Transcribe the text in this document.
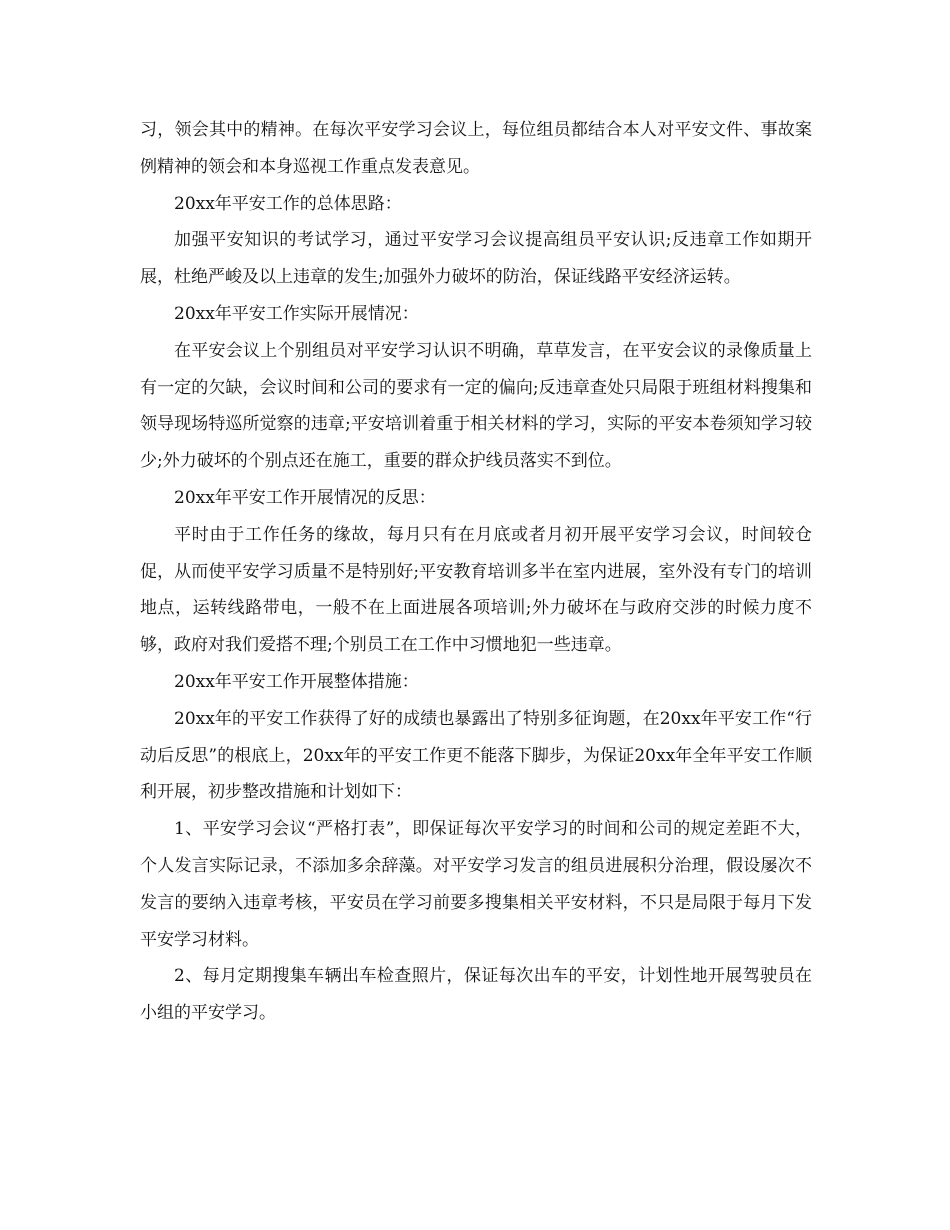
习，领会其中的精神。在每次平安学习会议上，每位组员都结合本人对平安文件、事故案例精神的领会和本身巡视工作重点发表意见。

20xx年平安工作的总体思路：

加强平安知识的考试学习，通过平安学习会议提高组员平安认识;反违章工作如期开展，杜绝严峻及以上违章的发生;加强外力破坏的防治，保证线路平安经济运转。

20xx年平安工作实际开展情况：

在平安会议上个别组员对平安学习认识不明确，草草发言，在平安会议的录像质量上有一定的欠缺，会议时间和公司的要求有一定的偏向;反违章查处只局限于班组材料搜集和领导现场特巡所觉察的违章;平安培训着重于相关材料的学习，实际的平安本卷须知学习较少;外力破坏的个别点还在施工，重要的群众护线员落实不到位。

20xx年平安工作开展情况的反思：

平时由于工作任务的缘故，每月只有在月底或者月初开展平安学习会议，时间较仓促，从而使平安学习质量不是特别好;平安教育培训多半在室内进展，室外没有专门的培训地点，运转线路带电，一般不在上面进展各项培训;外力破坏在与政府交涉的时候力度不够，政府对我们爱搭不理;个别员工在工作中习惯地犯一些违章。

20xx年平安工作开展整体措施：

20xx年的平安工作获得了好的成绩也暴露出了特别多征询题，在20xx年平安工作“行动后反思”的根底上，20xx年的平安工作更不能落下脚步，为保证20xx年全年平安工作顺利开展，初步整改措施和计划如下：

1、平安学习会议“严格打表”，即保证每次平安学习的时间和公司的规定差距不大，个人发言实际记录，不添加多余辞藻。对平安学习发言的组员进展积分治理，假设屡次不发言的要纳入违章考核，平安员在学习前要多搜集相关平安材料，不只是局限于每月下发平安学习材料。

2、每月定期搜集车辆出车检查照片，保证每次出车的平安，计划性地开展驾驶员在小组的平安学习。
